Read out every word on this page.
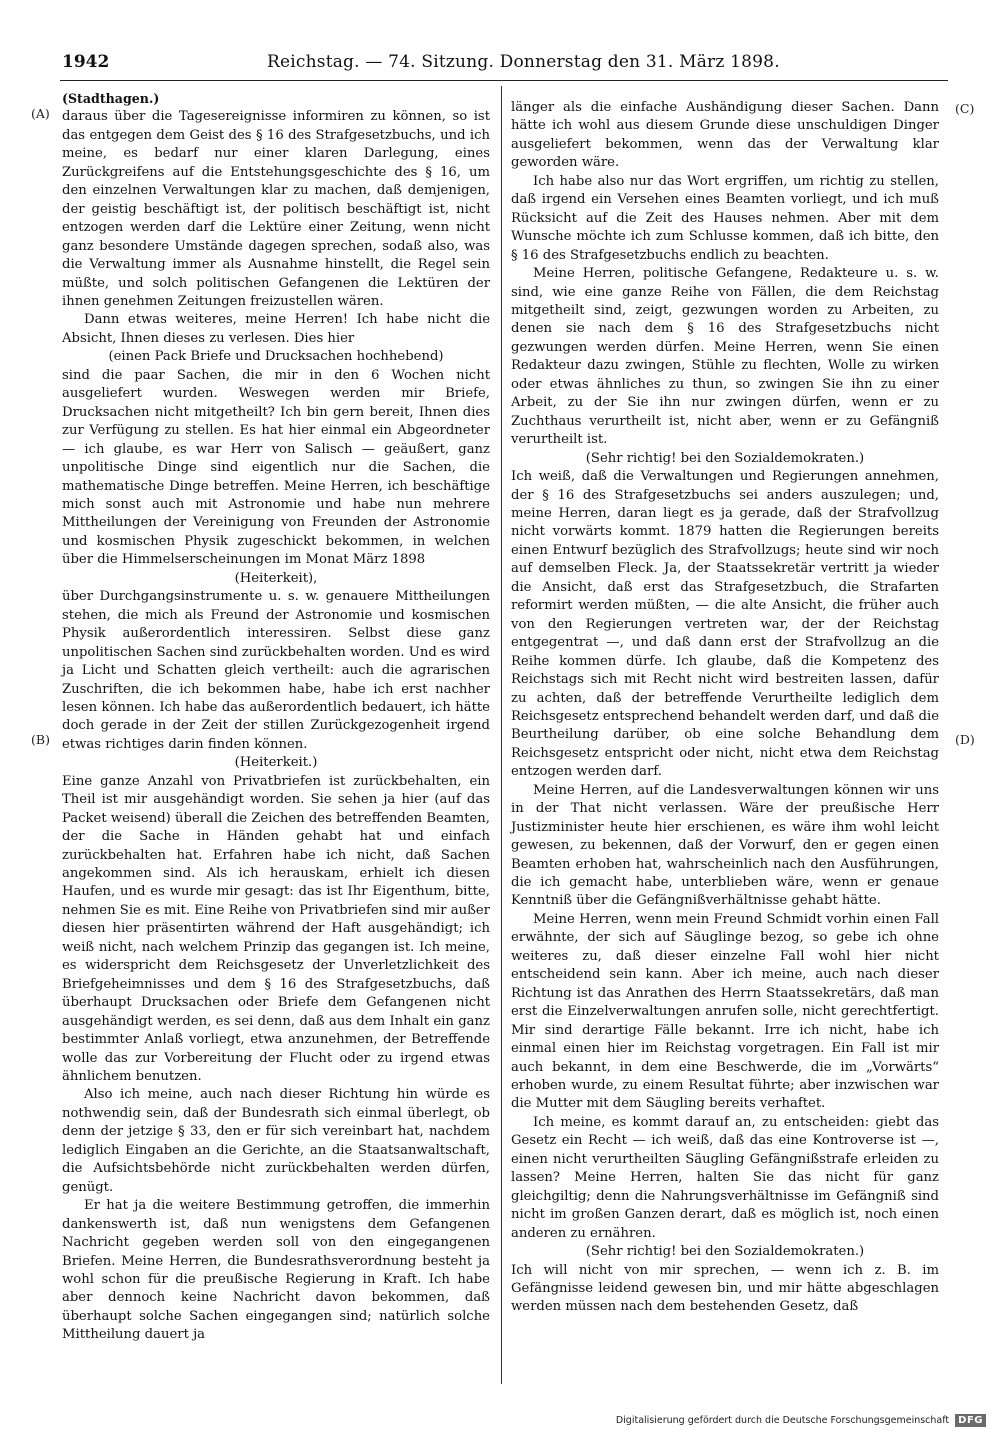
1942	Reichstag. — 74. Sitzung. Donnerstag den 31. März 1898.
(A)
(B)
(C)
(D)

(Stadthagen.)

daraus über die Tagesereignisse informiren zu können, so ist das entgegen dem Geist des § 16 des Strafgesetzbuchs, und ich meine, es bedarf nur einer klaren Darlegung, eines Zurückgreifens auf die Entstehungsgeschichte des § 16, um den einzelnen Verwaltungen klar zu machen, daß demjenigen, der geistig beschäftigt ist, der politisch beschäftigt ist, nicht entzogen werden darf die Lektüre einer Zeitung, wenn nicht ganz besondere Umstände dagegen sprechen, sodaß also, was die Verwaltung immer als Ausnahme hinstellt, die Regel sein müßte, und solch politischen Gefangenen die Lektüren der ihnen genehmen Zeitungen freizustellen wären.

Dann etwas weiteres, meine Herren! Ich habe nicht die Absicht, Ihnen dieses zu verlesen. Dies hier

(einen Pack Briefe und Drucksachen hochhebend)

sind die paar Sachen, die mir in den 6 Wochen nicht ausgeliefert wurden. Weswegen werden mir Briefe, Drucksachen nicht mitgetheilt? Ich bin gern bereit, Ihnen dies zur Verfügung zu stellen. Es hat hier einmal ein Abgeordneter — ich glaube, es war Herr von Salisch — geäußert, ganz unpolitische Dinge sind eigentlich nur die Sachen, die mathematische Dinge betreffen. Meine Herren, ich beschäftige mich sonst auch mit Astronomie und habe nun mehrere Mittheilungen der Vereinigung von Freunden der Astronomie und kosmischen Physik zugeschickt bekommen, in welchen über die Himmelserscheinungen im Monat März 1898

(Heiterkeit),

über Durchgangsinstrumente u. s. w. genauere Mittheilungen stehen, die mich als Freund der Astronomie und kosmischen Physik außerordentlich interessiren. Selbst diese ganz unpolitischen Sachen sind zurückbehalten worden. Und es wird ja Licht und Schatten gleich vertheilt: auch die agrarischen Zuschriften, die ich bekommen habe, habe ich erst nachher lesen können. Ich habe das außerordentlich bedauert, ich hätte doch gerade in der Zeit der stillen Zurückgezogenheit irgend etwas richtiges darin finden können.

(Heiterkeit.)

Eine ganze Anzahl von Privatbriefen ist zurückbehalten, ein Theil ist mir ausgehändigt worden. Sie sehen ja hier (auf das Packet weisend) überall die Zeichen des betreffenden Beamten, der die Sache in Händen gehabt hat und einfach zurückbehalten hat. Erfahren habe ich nicht, daß Sachen angekommen sind. Als ich herauskam, erhielt ich diesen Haufen, und es wurde mir gesagt: das ist Ihr Eigenthum, bitte, nehmen Sie es mit. Eine Reihe von Privatbriefen sind mir außer diesen hier präsentirten während der Haft ausgehändigt; ich weiß nicht, nach welchem Prinzip das gegangen ist. Ich meine, es widerspricht dem Reichsgesetz der Unverletzlichkeit des Briefgeheimnisses und dem § 16 des Strafgesetzbuchs, daß überhaupt Drucksachen oder Briefe dem Gefangenen nicht ausgehändigt werden, es sei denn, daß aus dem Inhalt ein ganz bestimmter Anlaß vorliegt, etwa anzunehmen, der Betreffende wolle das zur Vorbereitung der Flucht oder zu irgend etwas ähnlichem benutzen.

Also ich meine, auch nach dieser Richtung hin würde es nothwendig sein, daß der Bundesrath sich einmal überlegt, ob denn der jetzige § 33, den er für sich vereinbart hat, nachdem lediglich Eingaben an die Gerichte, an die Staatsanwaltschaft, die Aufsichtsbehörde nicht zurückbehalten werden dürfen, genügt.

Er hat ja die weitere Bestimmung getroffen, die immerhin dankenswerth ist, daß nun wenigstens dem Gefangenen Nachricht gegeben werden soll von den eingegangenen Briefen. Meine Herren, die Bundesrathsverordnung besteht ja wohl schon für die preußische Regierung in Kraft. Ich habe aber dennoch keine Nachricht davon bekommen, daß überhaupt solche Sachen eingegangen sind; natürlich solche Mittheilung dauert ja

länger als die einfache Aushändigung dieser Sachen. Dann hätte ich wohl aus diesem Grunde diese unschuldigen Dinger ausgeliefert bekommen, wenn das der Verwaltung klar geworden wäre.

Ich habe also nur das Wort ergriffen, um richtig zu stellen, daß irgend ein Versehen eines Beamten vorliegt, und ich muß Rücksicht auf die Zeit des Hauses nehmen. Aber mit dem Wunsche möchte ich zum Schlusse kommen, daß ich bitte, den § 16 des Strafgesetzbuchs endlich zu beachten.

Meine Herren, politische Gefangene, Redakteure u. s. w. sind, wie eine ganze Reihe von Fällen, die dem Reichstag mitgetheilt sind, zeigt, gezwungen worden zu Arbeiten, zu denen sie nach dem § 16 des Strafgesetzbuchs nicht gezwungen werden dürfen. Meine Herren, wenn Sie einen Redakteur dazu zwingen, Stühle zu flechten, Wolle zu wirken oder etwas ähnliches zu thun, so zwingen Sie ihn zu einer Arbeit, zu der Sie ihn nur zwingen dürfen, wenn er zu Zuchthaus verurtheilt ist, nicht aber, wenn er zu Gefängniß verurtheilt ist.

(Sehr richtig! bei den Sozialdemokraten.)

Ich weiß, daß die Verwaltungen und Regierungen annehmen, der § 16 des Strafgesetzbuchs sei anders auszulegen; und, meine Herren, daran liegt es ja gerade, daß der Strafvollzug nicht vorwärts kommt. 1879 hatten die Regierungen bereits einen Entwurf bezüglich des Strafvollzugs; heute sind wir noch auf demselben Fleck. Ja, der Staatssekretär vertritt ja wieder die Ansicht, daß erst das Strafgesetzbuch, die Strafarten reformirt werden müßten, — die alte Ansicht, die früher auch von den Regierungen vertreten war, der der Reichstag entgegentrat —, und daß dann erst der Strafvollzug an die Reihe kommen dürfe. Ich glaube, daß die Kompetenz des Reichstags sich mit Recht nicht wird bestreiten lassen, dafür zu achten, daß der betreffende Verurtheilte lediglich dem Reichsgesetz entsprechend behandelt werden darf, und daß die Beurtheilung darüber, ob eine solche Behandlung dem Reichsgesetz entspricht oder nicht, nicht etwa dem Reichstag entzogen werden darf.

Meine Herren, auf die Landesverwaltungen können wir uns in der That nicht verlassen. Wäre der preußische Herr Justizminister heute hier erschienen, es wäre ihm wohl leicht gewesen, zu bekennen, daß der Vorwurf, den er gegen einen Beamten erhoben hat, wahrscheinlich nach den Ausführungen, die ich gemacht habe, unterblieben wäre, wenn er genaue Kenntniß über die Gefängnißverhältnisse gehabt hätte.

Meine Herren, wenn mein Freund Schmidt vorhin einen Fall erwähnte, der sich auf Säuglinge bezog, so gebe ich ohne weiteres zu, daß dieser einzelne Fall wohl hier nicht entscheidend sein kann. Aber ich meine, auch nach dieser Richtung ist das Anrathen des Herrn Staatssekretärs, daß man erst die Einzelverwaltungen anrufen solle, nicht gerechtfertigt. Mir sind derartige Fälle bekannt. Irre ich nicht, habe ich einmal einen hier im Reichstag vorgetragen. Ein Fall ist mir auch bekannt, in dem eine Beschwerde, die im „Vorwärts“ erhoben wurde, zu einem Resultat führte; aber inzwischen war die Mutter mit dem Säugling bereits verhaftet.

Ich meine, es kommt darauf an, zu entscheiden: giebt das Gesetz ein Recht — ich weiß, daß das eine Kontroverse ist —, einen nicht verurtheilten Säugling Gefängnißstrafe erleiden zu lassen? Meine Herren, halten Sie das nicht für ganz gleichgiltig; denn die Nahrungsverhältnisse im Gefängniß sind nicht im großen Ganzen derart, daß es möglich ist, noch einen anderen zu ernähren.

(Sehr richtig! bei den Sozialdemokraten.)

Ich will nicht von mir sprechen, — wenn ich z. B. im Gefängnisse leidend gewesen bin, und mir hätte abgeschlagen werden müssen nach dem bestehenden Gesetz, daß

Digitalisierung gefördert durch die Deutsche Forschungsgemeinschaft DFG
